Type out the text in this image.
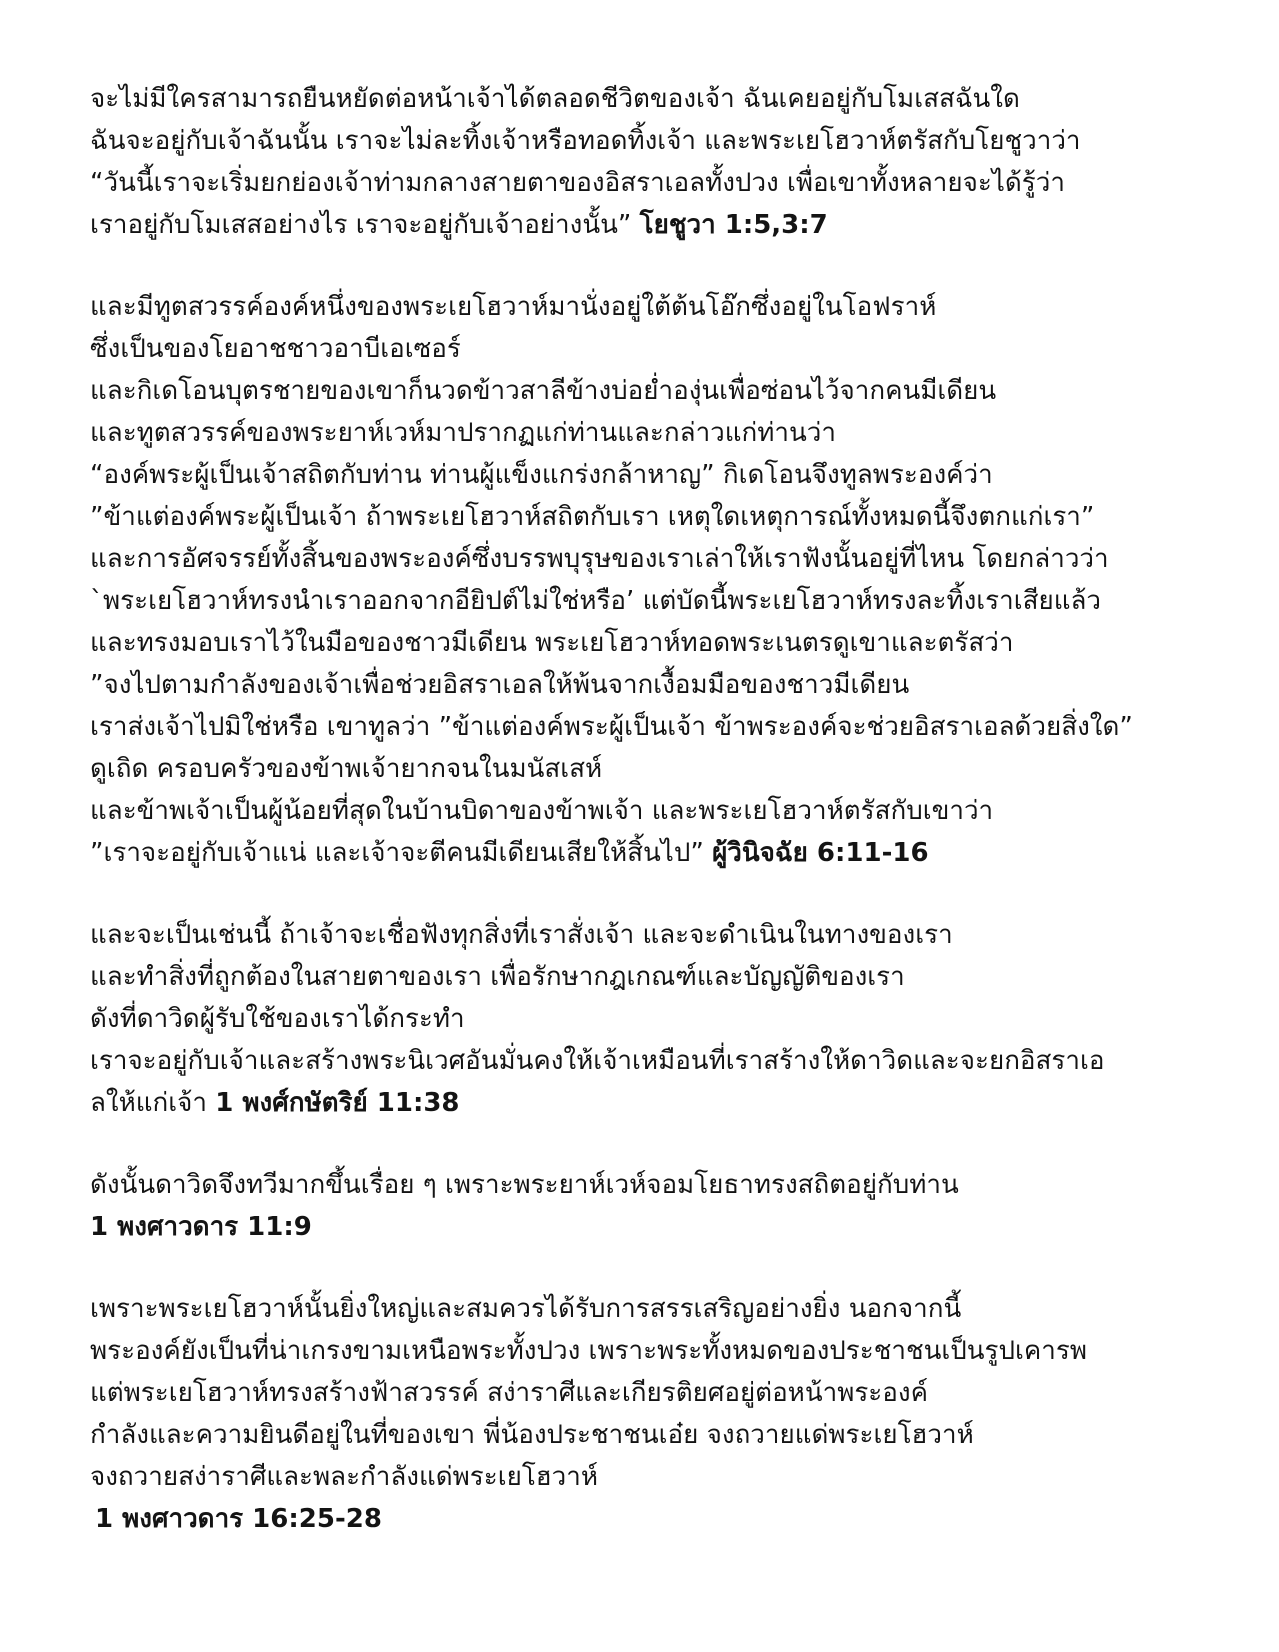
จะไม่มีใครสามารถยืนหยัดต่อหน้าเจ้าได้ตลอดชีวิตของเจ้า ฉันเคยอยู่กับโมเสสฉันใด
ฉันจะอยู่กับเจ้าฉันนั้น เราจะไม่ละทิ้งเจ้าหรือทอดทิ้งเจ้า และพระเยโฮวาห์ตรัสกับโยชูวาว่า
“วันนี้เราจะเริ่มยกย่องเจ้าท่ามกลางสายตาของอิสราเอลทั้งปวง เพื่อเขาทั้งหลายจะได้รู้ว่า
เราอยู่กับโมเสสอย่างไร เราจะอยู่กับเจ้าอย่างนั้น” โยชูวา 1:5,3:7
และมีทูตสวรรค์องค์หนึ่งของพระเยโฮวาห์มานั่งอยู่ใต้ต้นโอ๊กซึ่งอยู่ในโอฟราห์
ซึ่งเป็นของโยอาชชาวอาบีเอเซอร์
และกิเดโอนบุตรชายของเขาก็นวดข้าวสาลีข้างบ่อย่ำองุ่นเพื่อซ่อนไว้จากคนมีเดียน
และทูตสวรรค์ของพระยาห์เวห์มาปรากฏแก่ท่านและกล่าวแก่ท่านว่า
“องค์พระผู้เป็นเจ้าสถิตกับท่าน ท่านผู้แข็งแกร่งกล้าหาญ” กิเดโอนจึงทูลพระองค์ว่า
”ข้าแต่องค์พระผู้เป็นเจ้า ถ้าพระเยโฮวาห์สถิตกับเรา เหตุใดเหตุการณ์ทั้งหมดนี้จึงตกแก่เรา”
และการอัศจรรย์ทั้งสิ้นของพระองค์ซึ่งบรรพบุรุษของเราเล่าให้เราฟังนั้นอยู่ที่ไหน โดยกล่าวว่า
`พระเยโฮวาห์ทรงนำเราออกจากอียิปต์ไม่ใช่หรือ’ แต่บัดนี้พระเยโฮวาห์ทรงละทิ้งเราเสียแล้ว
และทรงมอบเราไว้ในมือของชาวมีเดียน พระเยโฮวาห์ทอดพระเนตรดูเขาและตรัสว่า
”จงไปตามกำลังของเจ้าเพื่อช่วยอิสราเอลให้พ้นจากเงื้อมมือของชาวมีเดียน
เราส่งเจ้าไปมิใช่หรือ เขาทูลว่า ”ข้าแต่องค์พระผู้เป็นเจ้า ข้าพระองค์จะช่วยอิสราเอลด้วยสิ่งใด”
ดูเถิด ครอบครัวของข้าพเจ้ายากจนในมนัสเสห์
และข้าพเจ้าเป็นผู้น้อยที่สุดในบ้านบิดาของข้าพเจ้า และพระเยโฮวาห์ตรัสกับเขาว่า
”เราจะอยู่กับเจ้าแน่ และเจ้าจะตีคนมีเดียนเสียให้สิ้นไป” ผู้วินิจฉัย 6:11-16
และจะเป็นเช่นนี้ ถ้าเจ้าจะเชื่อฟังทุกสิ่งที่เราสั่งเจ้า และจะดำเนินในทางของเรา
และทำสิ่งที่ถูกต้องในสายตาของเรา เพื่อรักษากฎเกณฑ์และบัญญัติของเรา
ดังที่ดาวิดผู้รับใช้ของเราได้กระทำ
เราจะอยู่กับเจ้าและสร้างพระนิเวศอันมั่นคงให้เจ้าเหมือนที่เราสร้างให้ดาวิดและจะยกอิสราเอ
ลให้แก่เจ้า 1 พงศ์กษัตริย์ 11:38
ดังนั้นดาวิดจึงทวีมากขึ้นเรื่อย ๆ เพราะพระยาห์เวห์จอมโยธาทรงสถิตอยู่กับท่าน
1 พงศาวดาร 11:9
เพราะพระเยโฮวาห์นั้นยิ่งใหญ่และสมควรได้รับการสรรเสริญอย่างยิ่ง นอกจากนี้
พระองค์ยังเป็นที่น่าเกรงขามเหนือพระทั้งปวง เพราะพระทั้งหมดของประชาชนเป็นรูปเคารพ
แต่พระเยโฮวาห์ทรงสร้างฟ้าสวรรค์ สง่าราศีและเกียรติยศอยู่ต่อหน้าพระองค์
กำลังและความยินดีอยู่ในที่ของเขา พี่น้องประชาชนเอ๋ย จงถวายแด่พระเยโฮวาห์
จงถวายสง่าราศีและพละกำลังแด่พระเยโฮวาห์
1 พงศาวดาร 16:25-28
